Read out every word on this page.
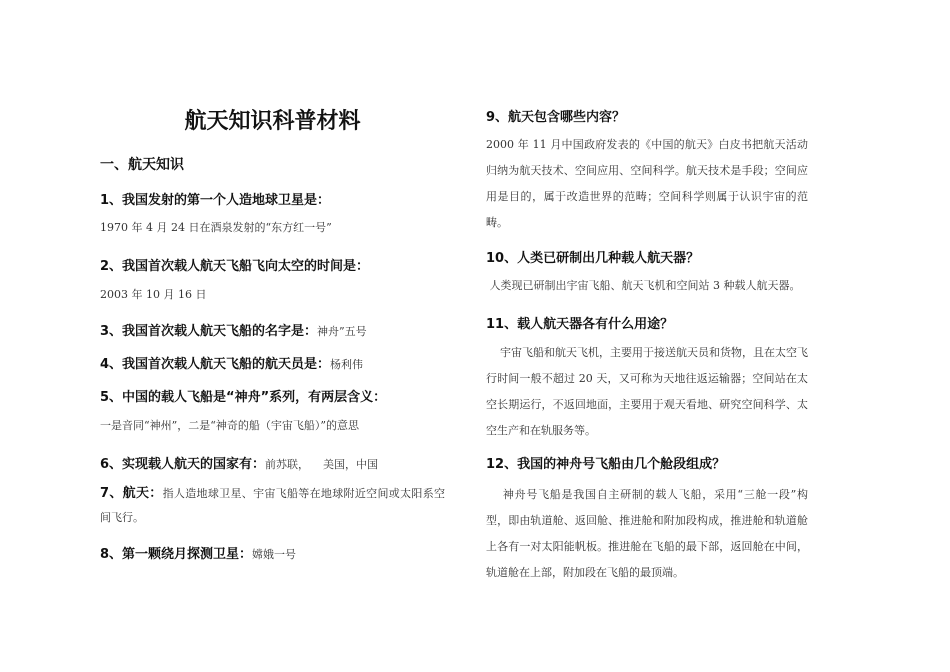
航天知识科普材料
一、航天知识
1、我国发射的第一个人造地球卫星是：
1970 年 4 月 24 日在酒泉发射的“东方红一号”
2、我国首次载人航天飞船飞向太空的时间是：
2003 年 10 月 16 日
3、我国首次载人航天飞船的名字是：神舟”五号
4、我国首次载人航天飞船的航天员是：杨利伟
5、中国的载人飞船是“神舟”系列，有两层含义：
一是音同“神州”，二是“神奇的船（宇宙飞船）”的意思
6、实现载人航天的国家有：前苏联，    美国，中国
7、航天：指人造地球卫星、宇宙飞船等在地球附近空间或太阳系空间飞行。
8、第一颗绕月探测卫星：嫦娥一号
9、航天包含哪些内容？
2000 年 11 月中国政府发表的《中国的航天》白皮书把航天活动归纳为航天技术、空间应用、空间科学。航天技术是手段；空间应用是目的，属于改造世界的范畴；空间科学则属于认识宇宙的范畴。
10、人类已研制出几种载人航天器？
人类现已研制出宇宙飞船、航天飞机和空间站 3 种载人航天器。
11、载人航天器各有什么用途？
宇宙飞船和航天飞机，主要用于接送航天员和货物，且在太空飞行时间一般不超过 20 天，又可称为天地往返运输器；空间站在太空长期运行，不返回地面，主要用于观天看地、研究空间科学、太空生产和在轨服务等。
12、我国的神舟号飞船由几个舱段组成？
神舟号飞船是我国自主研制的载人飞船，采用“三舱一段”构型，即由轨道舱、返回舱、推进舱和附加段构成，推进舱和轨道舱上各有一对太阳能帆板。推进舱在飞船的最下部，返回舱在中间，轨道舱在上部，附加段在飞船的最顶端。
